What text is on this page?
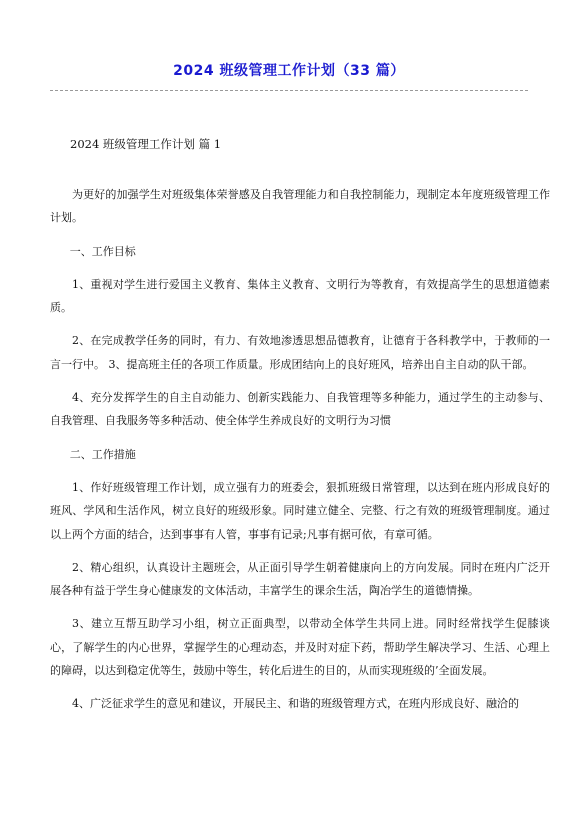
2024 班级管理工作计划（33 篇）
2024 班级管理工作计划 篇 1

为更好的加强学生对班级集体荣誉感及自我管理能力和自我控制能力，现制定本年度班级管理工作计划。

一、工作目标

1、重视对学生进行爱国主义教育、集体主义教育、文明行为等教育，有效提高学生的思想道德素质。

2、在完成教学任务的同时，有力、有效地渗透思想品德教育，让德育于各科教学中，于教师的一言一行中。 3、提高班主任的各项工作质量。形成团结向上的良好班风，培养出自主自动的队干部。

4、充分发挥学生的自主自动能力、创新实践能力、自我管理等多种能力，通过学生的主动参与、自我管理、自我服务等多种活动、使全体学生养成良好的文明行为习惯

二、工作措施

1、作好班级管理工作计划，成立强有力的班委会，狠抓班级日常管理，以达到在班内形成良好的班风、学风和生活作风，树立良好的班级形象。同时建立健全、完整、行之有效的班级管理制度。通过以上两个方面的结合，达到事事有人管，事事有记录;凡事有据可依，有章可循。

2、精心组织，认真设计主题班会，从正面引导学生朝着健康向上的方向发展。同时在班内广泛开展各种有益于学生身心健康发的文体活动，丰富学生的课余生活，陶冶学生的道德情操。

3、建立互帮互助学习小组，树立正面典型，以带动全体学生共同上进。同时经常找学生促膝谈心，了解学生的内心世界，掌握学生的心理动态，并及时对症下药，帮助学生解决学习、生活、心理上的障碍，以达到稳定优等生，鼓励中等生，转化后进生的目的，从而实现班级的’全面发展。

4、广泛征求学生的意见和建议，开展民主、和谐的班级管理方式，在班内形成良好、融洽的
